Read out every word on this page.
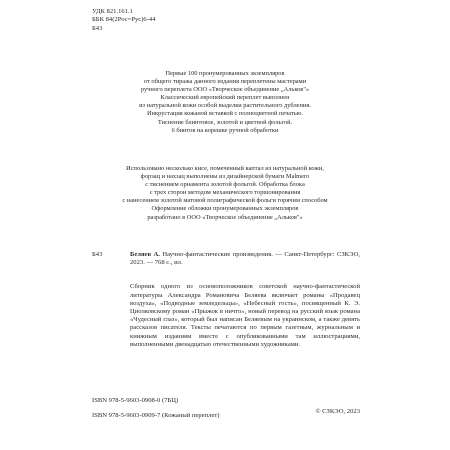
УДК 821.161.1
ББК 84(2Рос=Рус)6-44
Б43
Первые 100 пронумерованных экземпляров
от общего тиража данного издания переплетены мастерами
ручного переплета ООО «Творческое объединение „Альков"»
Классический европейский переплет выполнен
из натуральной кожи особой выделки растительного дубления.
Инкрустация кожаной вставкой с полноцветной печатью.
Тиснение блинтовое, золотой и цветной фольгой.
6 бинтов на корешке ручной обработки
Использовано несколько кисе, помеченный каптал из натуральной кожи,
форзац и нахзац выполнены из дизайнерской бумаги Malmero
с тиснением орнамента золотой фольгой. Обработка блока
с трех сторон методом механического торшонирования
с нанесением золотой матовой полиграфической фольги горячим способом
Оформление обложки пронумерованных экземпляров
разработано в ООО «Творческое объединение „Альков"»
Б43	Беляев А. Научно-фантастические произведения. — Санкт-Петербург: СЗКЭО, 2023. — 768 с., ил.
Сборник одного из основоположников советской научно-фантастической литературы Александра Романовича Беляева включает романы «Продавец воздуха», «Подводные земледельцы», «Небесный гость», посвященный К. Э. Циолковскому роман «Прыжок в ничто», новый перевод на русский язык романа «Чудесный глаз», который был написан Беляевым на украинском, а также девять рассказов писателя. Тексты печатаются по первым газетным, журнальным и книжным изданиям вместе с опубликованными там иллюстрациями, выполненными двенадцатью отечественными художниками.
ISBN 978-5-9603-0908-0 (7БЦ)
ISBN 978-5-9603-0909-7 (Кожаный переплет)
© СЗКЭО, 2023
